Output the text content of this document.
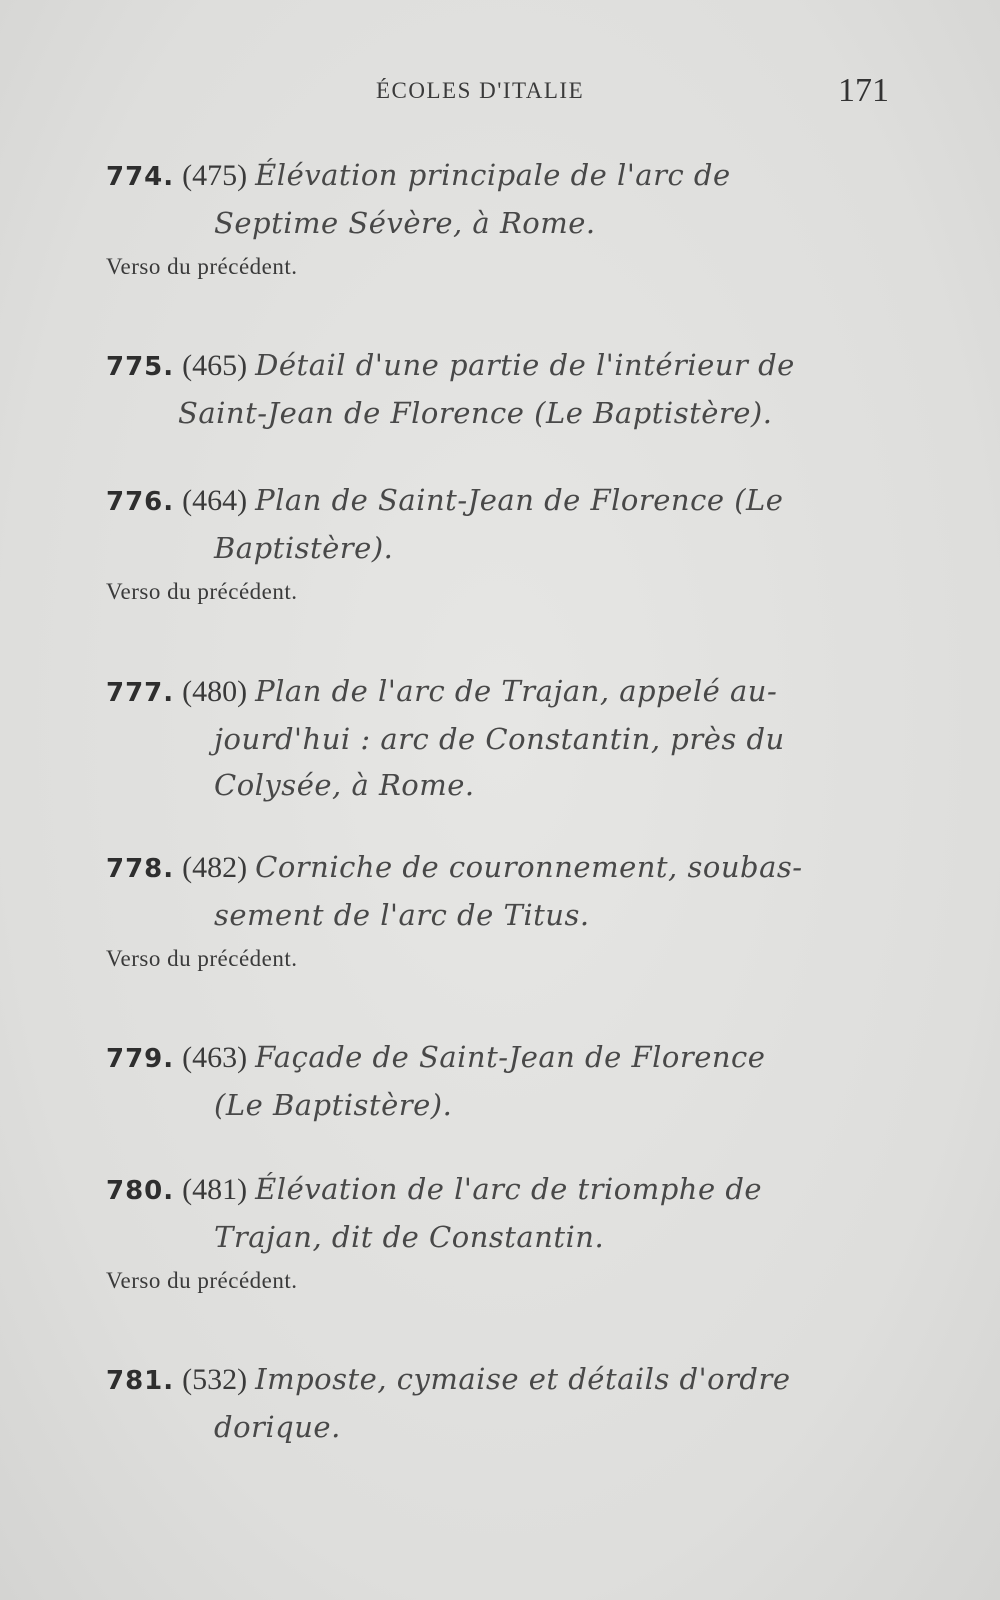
ÉCOLES D'ITALIE	171
774. (475) Élévation principale de l'arc de
Septime Sévère, à Rome.
Verso du précédent.
775. (465) Détail d'une partie de l'intérieur de
Saint-Jean de Florence (Le Baptistère).
776. (464) Plan de Saint-Jean de Florence (Le
Baptistère).
Verso du précédent.
777. (480) Plan de l'arc de Trajan, appelé au-
jourd'hui : arc de Constantin, près du
Colysée, à Rome.
778. (482) Corniche de couronnement, soubas-
sement de l'arc de Titus.
Verso du précédent.
779. (463) Façade de Saint-Jean de Florence
(Le Baptistère).
780. (481) Élévation de l'arc de triomphe de
Trajan, dit de Constantin.
Verso du précédent.
781. (532) Imposte, cymaise et détails d'ordre
dorique.
